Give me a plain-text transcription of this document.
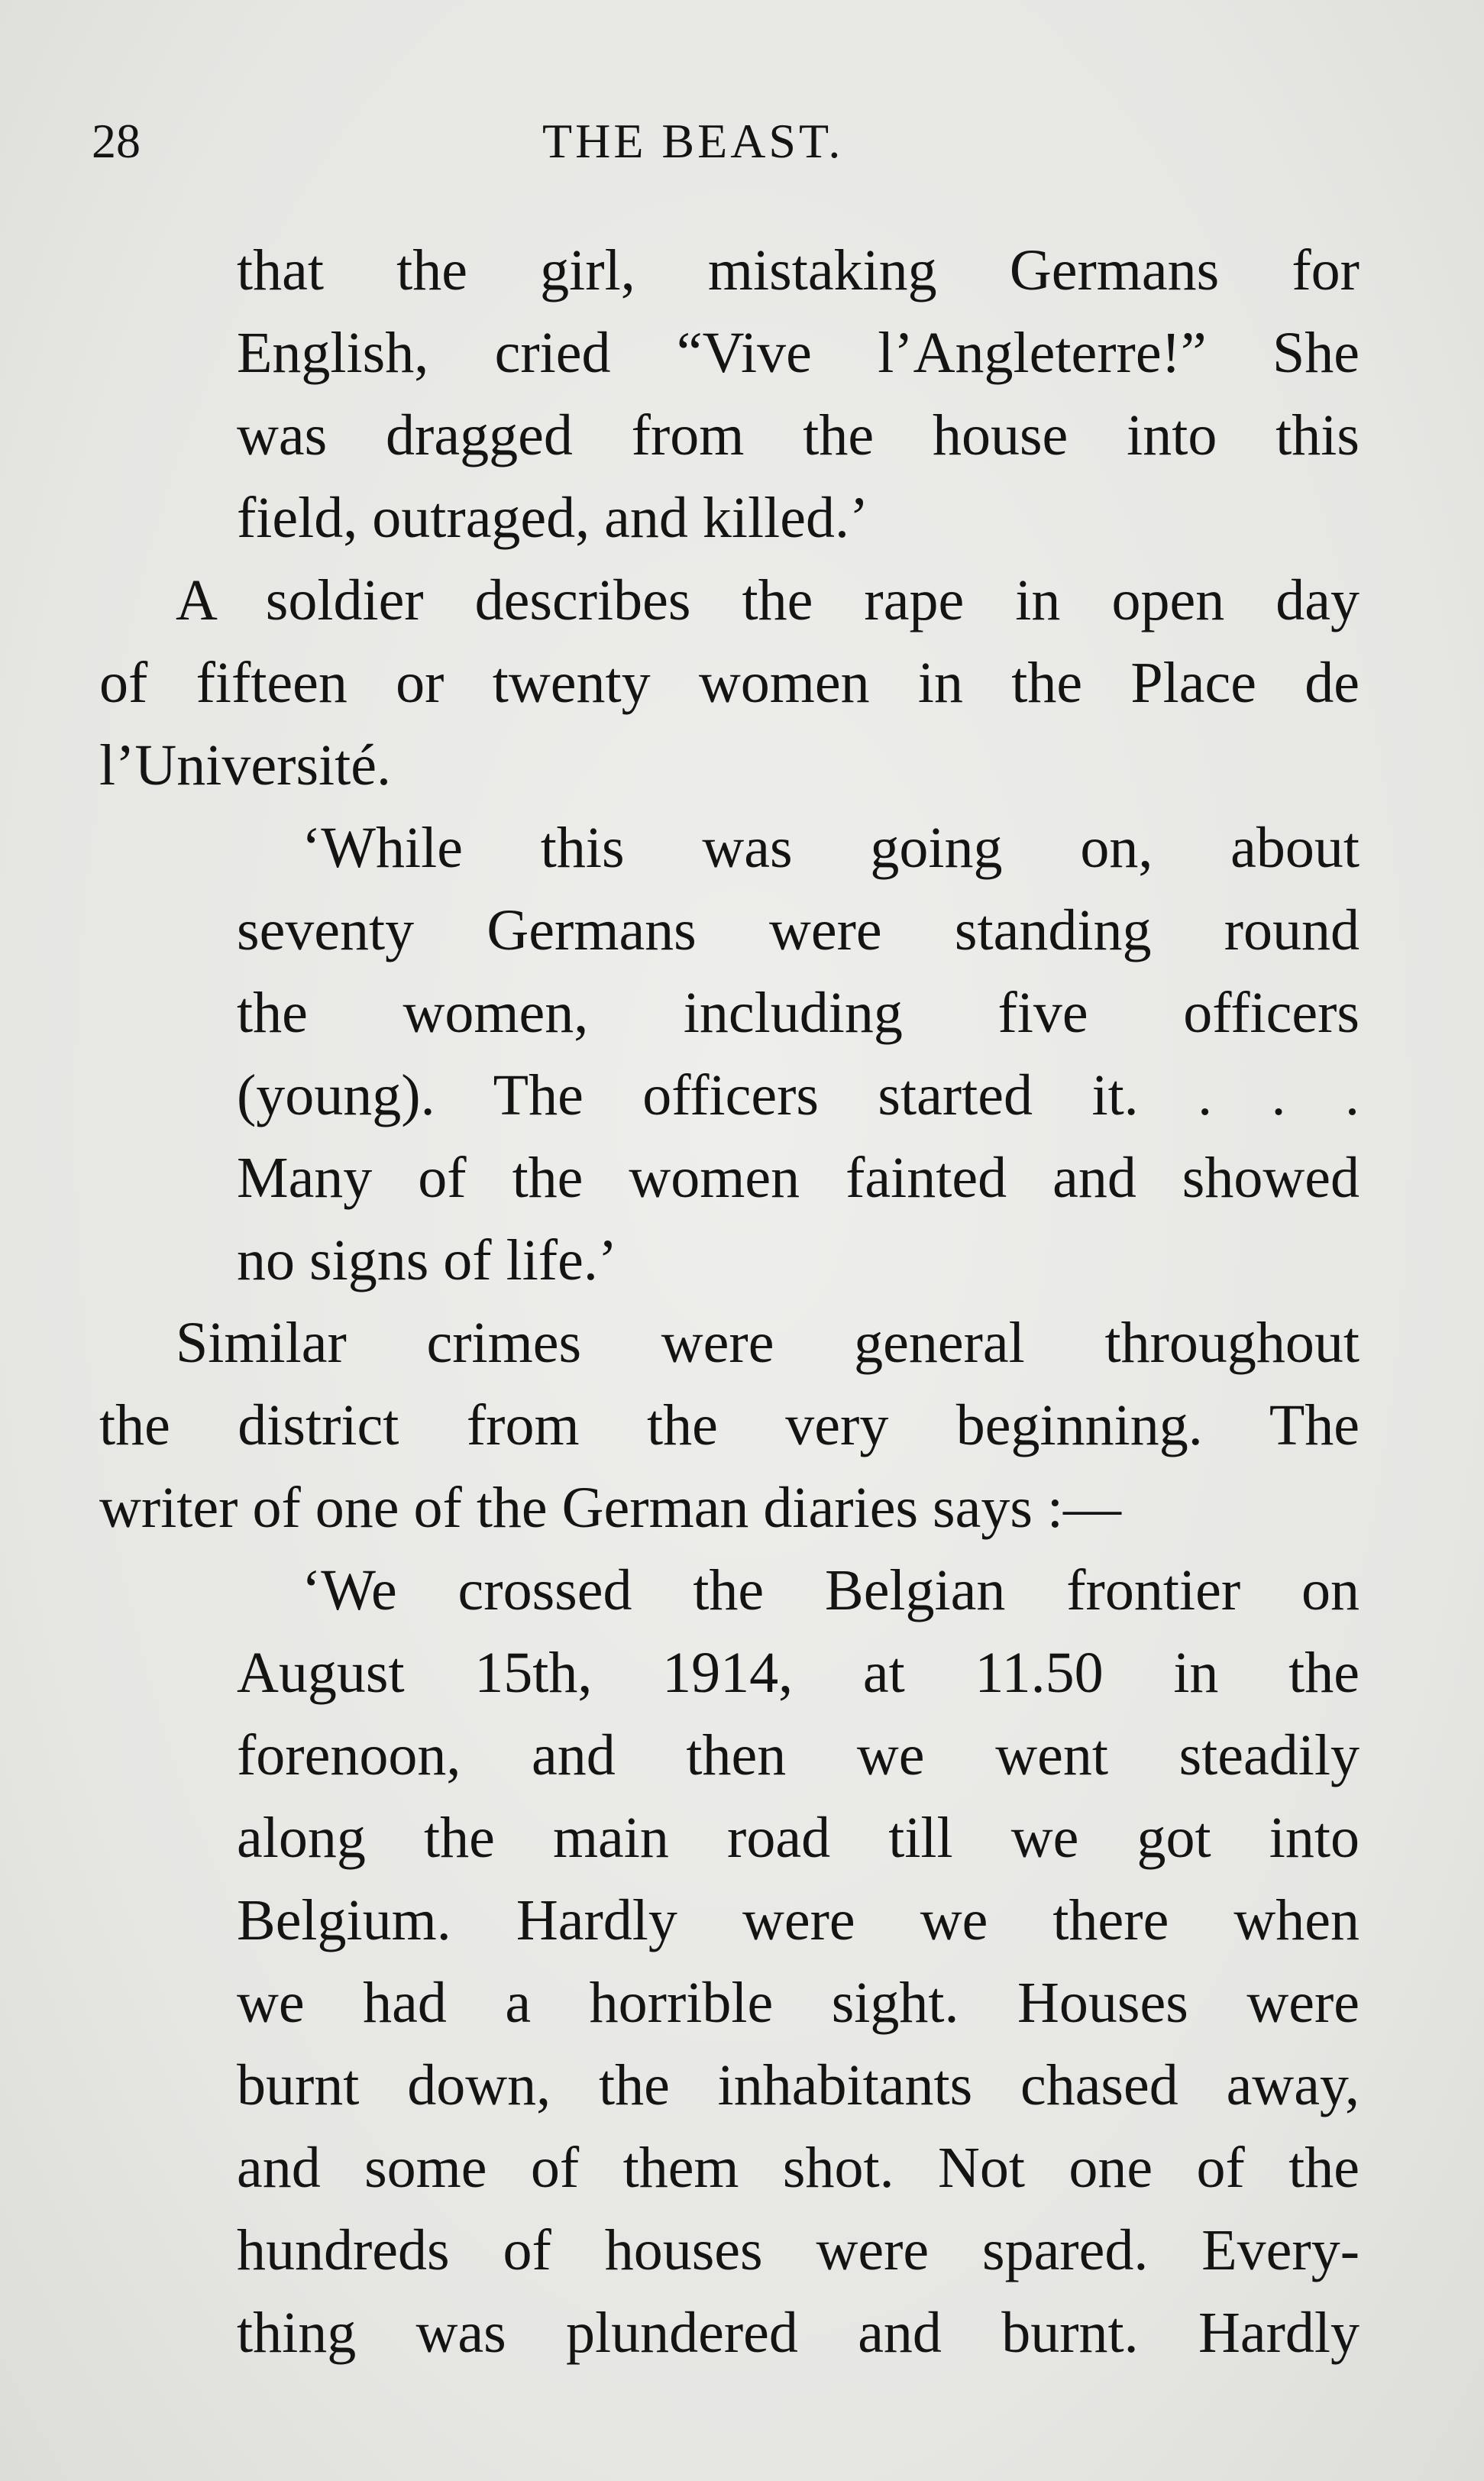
28	THE BEAST.

that the girl, mistaking Germans for
English, cried “Vive l’Angleterre!” She
was dragged from the house into this
field, outraged, and killed.’

A soldier describes the rape in open day
of fifteen or twenty women in the Place de
l’Université.

‘While this was going on, about
seventy Germans were standing round
the women, including five officers
(young). The officers started it. . . .
Many of the women fainted and showed
no signs of life.’

Similar crimes were general throughout
the district from the very beginning. The
writer of one of the German diaries says :—

‘We crossed the Belgian frontier on
August 15th, 1914, at 11.50 in the
forenoon, and then we went steadily
along the main road till we got into
Belgium. Hardly were we there when
we had a horrible sight. Houses were
burnt down, the inhabitants chased away,
and some of them shot. Not one of the
hundreds of houses were spared. Every-
thing was plundered and burnt. Hardly
